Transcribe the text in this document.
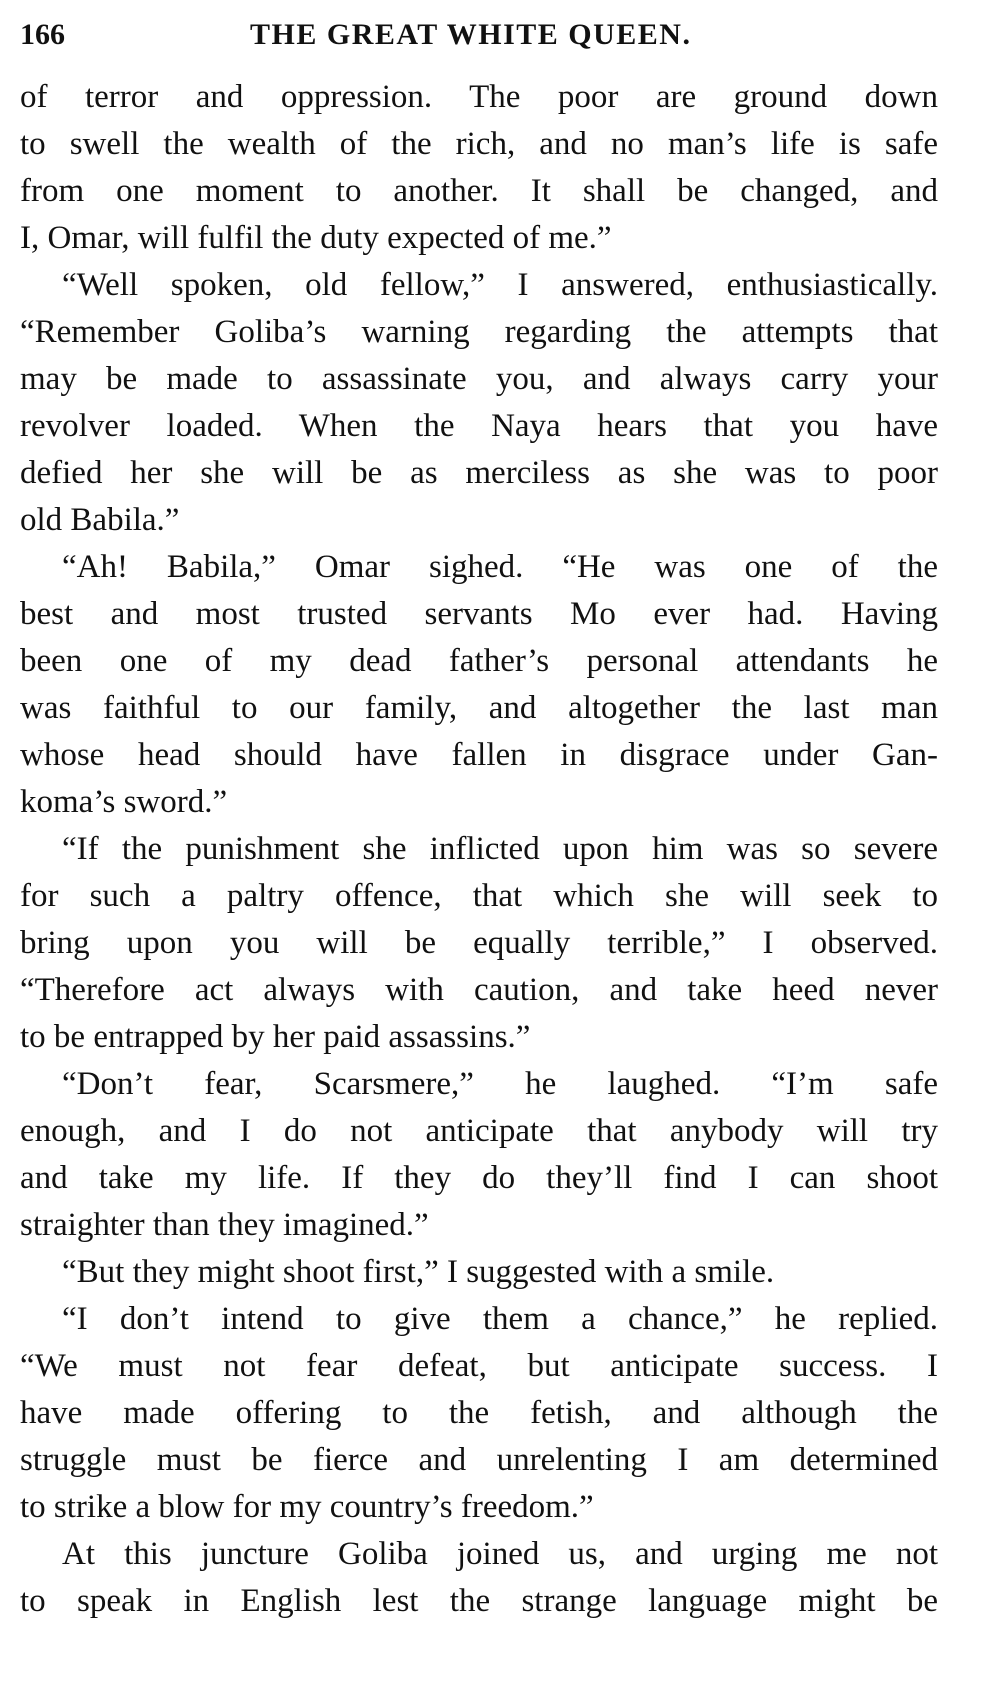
166	THE GREAT WHITE QUEEN.
of terror and oppression. The poor are ground down
to swell the wealth of the rich, and no man’s life is safe
from one moment to another. It shall be changed, and
I, Omar, will fulfil the duty expected of me.”
“Well spoken, old fellow,” I answered, enthusiastically.
“Remember Goliba’s warning regarding the attempts that
may be made to assassinate you, and always carry your
revolver loaded. When the Naya hears that you have
defied her she will be as merciless as she was to poor
old Babila.”
“Ah! Babila,” Omar sighed. “He was one of the
best and most trusted servants Mo ever had. Having
been one of my dead father’s personal attendants he
was faithful to our family, and altogether the last man
whose head should have fallen in disgrace under Gan-
koma’s sword.”
“If the punishment she inflicted upon him was so severe
for such a paltry offence, that which she will seek to
bring upon you will be equally terrible,” I observed.
“Therefore act always with caution, and take heed never
to be entrapped by her paid assassins.”
“Don’t fear, Scarsmere,” he laughed. “I’m safe
enough, and I do not anticipate that anybody will try
and take my life. If they do they’ll find I can shoot
straighter than they imagined.”
“But they might shoot first,” I suggested with a smile.
“I don’t intend to give them a chance,” he replied.
“We must not fear defeat, but anticipate success. I
have made offering to the fetish, and although the
struggle must be fierce and unrelenting I am determined
to strike a blow for my country’s freedom.”
At this juncture Goliba joined us, and urging me not
to speak in English lest the strange language might be
